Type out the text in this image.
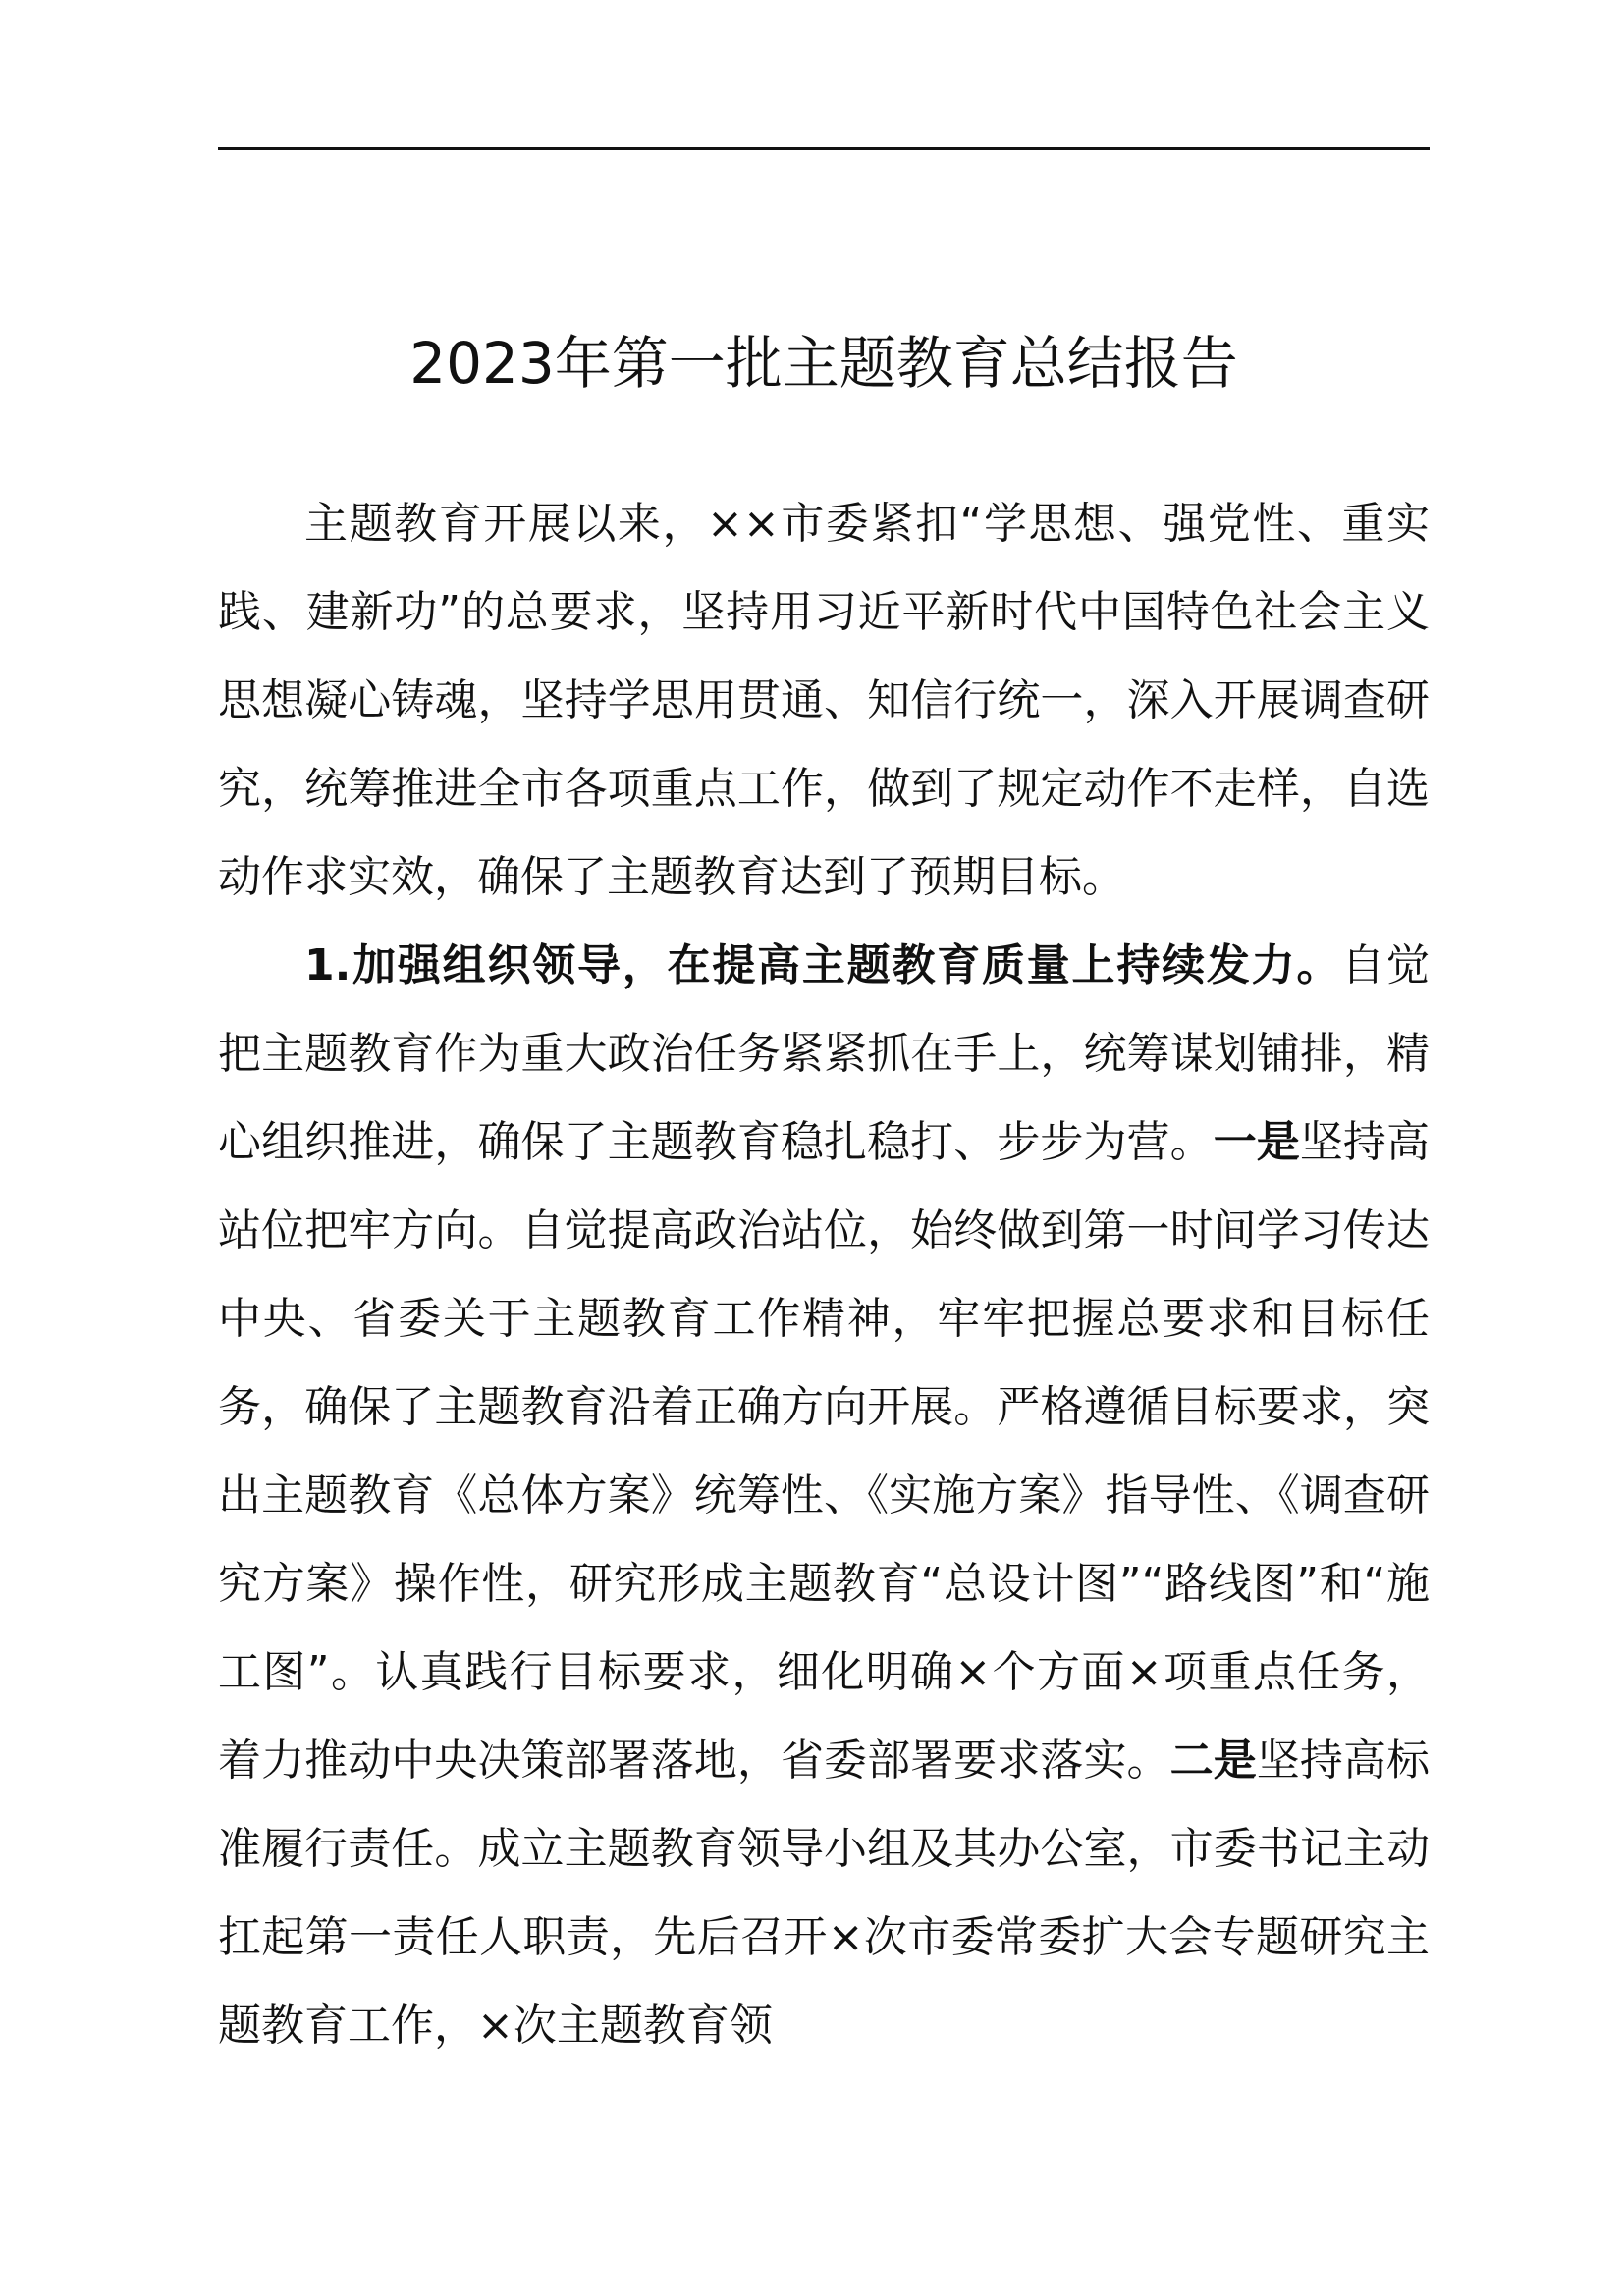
2023年第一批主题教育总结报告

主题教育开展以来，××市委紧扣“学思想、强党性、重实践、建新功”的总要求，坚持用习近平新时代中国特色社会主义思想凝心铸魂，坚持学思用贯通、知信行统一，深入开展调查研究，统筹推进全市各项重点工作，做到了规定动作不走样，自选动作求实效，确保了主题教育达到了预期目标。

1.加强组织领导，在提高主题教育质量上持续发力。自觉把主题教育作为重大政治任务紧紧抓在手上，统筹谋划铺排，精心组织推进，确保了主题教育稳扎稳打、步步为营。一是坚持高站位把牢方向。自觉提高政治站位，始终做到第一时间学习传达中央、省委关于主题教育工作精神，牢牢把握总要求和目标任务，确保了主题教育沿着正确方向开展。严格遵循目标要求，突出主题教育《总体方案》统筹性、《实施方案》指导性、《调查研究方案》操作性，研究形成主题教育“总设计图”“路线图”和“施工图”。认真践行目标要求，细化明确×个方面×项重点任务，着力推动中央决策部署落地，省委部署要求落实。二是坚持高标准履行责任。成立主题教育领导小组及其办公室，市委书记主动扛起第一责任人职责，先后召开×次市委常委扩大会专题研究主题教育工作，×次主题教育领
